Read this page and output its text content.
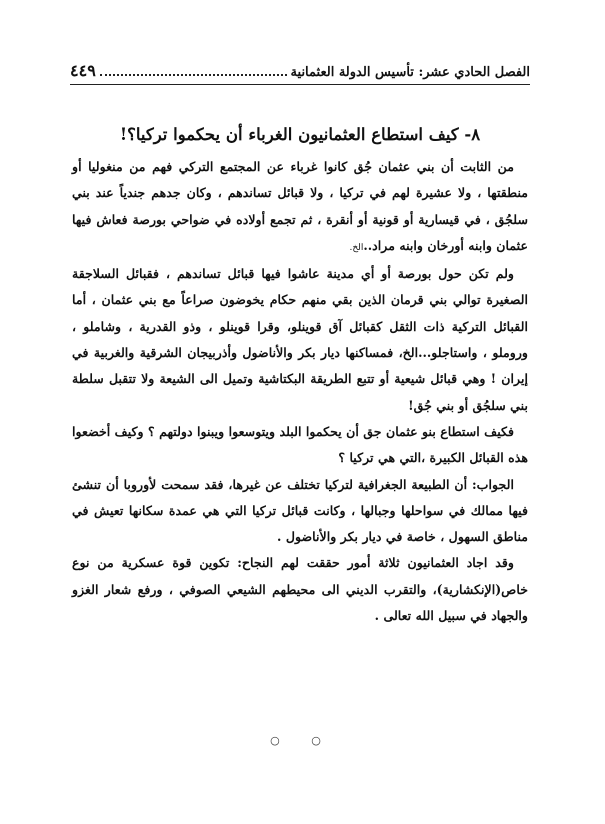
الفصل الحادي عشر: تأسيس الدولة العثمانية
٤٤٩
٨- كيف استطاع العثمانيون الغرباء أن يحكموا تركيا؟!

من الثابت أن بني عثمان جُق كانوا غرباء عن المجتمع التركي فهم من منغوليا أو منطقتها ، ولا عشيرة لهم في تركيا ، ولا قبائل تساندهم ، وكان جدهم جندياً عند بني سلجُق ، في قيسارية أو قونية أو أنقرة ، ثم تجمع أولاده في ضواحي بورصة فعاش فيها عثمان وابنه أورخان وابنه مراد..الخ.

ولم تكن حول بورصة أو أي مدينة عاشوا فيها قبائل تساندهم ، فقبائل السلاجقة الصغيرة توالي بني قرمان الذين بقي منهم حكام يخوضون صراعاً مع بني عثمان ، أما القبائل التركية ذات الثقل كقبائل آق قوينلو، وقرا قوينلو ، وذو القدرية ، وشاملو ، وروملو ، واستاجلو...الخ، فمساكنها ديار بكر والأناضول وأذربيجان الشرقية والغربية في إيران ! وهي قبائل شيعية أو تتبع الطريقة البكتاشية وتميل الى الشيعة ولا تتقبل سلطة بني سلجُق أو بني جُق!

فكيف استطاع بنو عثمان جق أن يحكموا البلد ويتوسعوا ويبنوا دولتهم ؟ وكيف أخضعوا هذه القبائل الكبيرة ،التي هي تركيا ؟

الجواب: أن الطبيعة الجغرافية لتركيا تختلف عن غيرها، فقد سمحت لأوروبا أن تنشئ فيها ممالك في سواحلها وجبالها ، وكانت قبائل تركيا التي هي عمدة سكانها تعيش في مناطق السهول ، خاصة في ديار بكر والأناضول .

وقد اجاد العثمانيون ثلاثة أمور حققت لهم النجاح: تكوين قوة عسكرية من نوع خاص(الإنكشارية)، والتقرب الديني الى محيطهم الشيعي الصوفي ، ورفع شعار الغزو والجهاد في سبيل الله تعالى .

○ ○
